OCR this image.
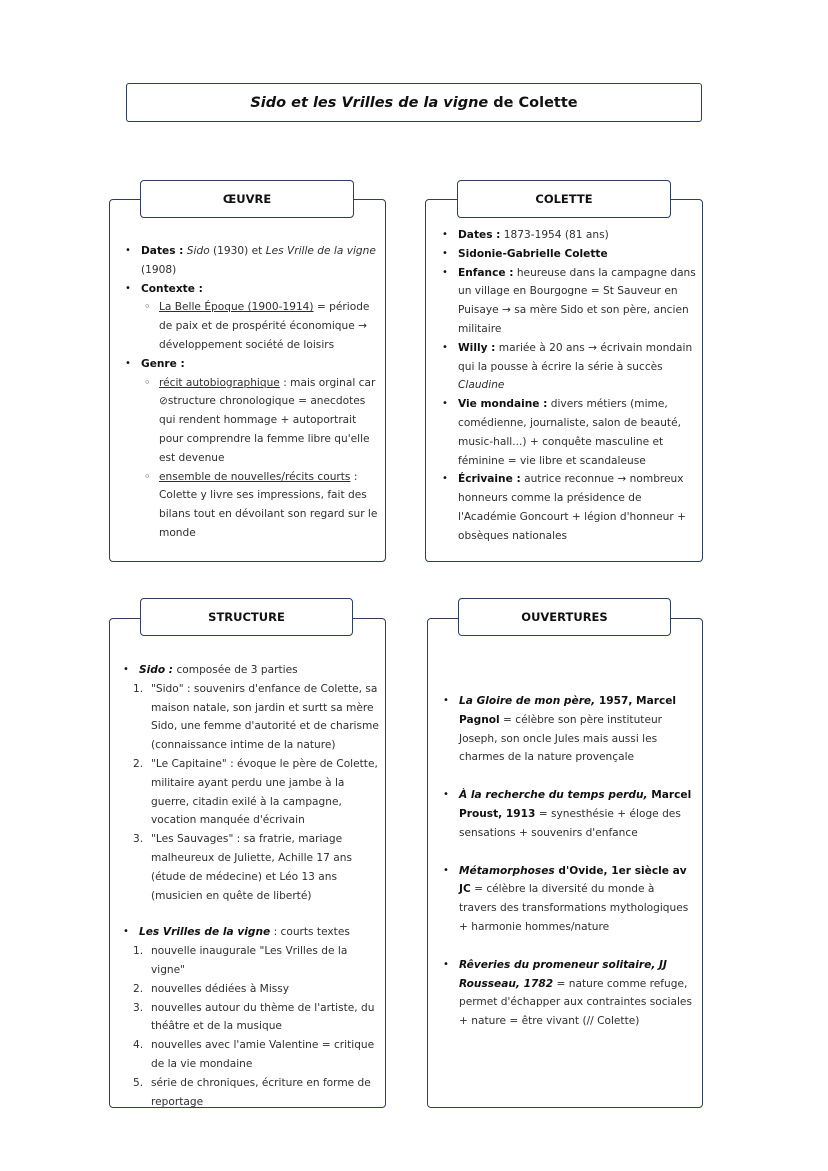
Sido et les Vrilles de la vigne de Colette
ŒUVRE
• Dates : Sido (1930) et Les Vrille de la vigne (1908)
• Contexte :
◦ La Belle Époque (1900-1914) = période de paix et de prospérité économique → développement société de loisirs
• Genre :
◦ récit autobiographique : mais orginal car ⊘structure chronologique = anecdotes qui rendent hommage + autoportrait pour comprendre la femme libre qu'elle est devenue
◦ ensemble de nouvelles/récits courts : Colette y livre ses impressions, fait des bilans tout en dévoilant son regard sur le monde
COLETTE
• Dates : 1873-1954 (81 ans)
• Sidonie-Gabrielle Colette
• Enfance : heureuse dans la campagne dans un village en Bourgogne = St Sauveur en Puisaye → sa mère Sido et son père, ancien militaire
• Willy : mariée à 20 ans → écrivain mondain qui la pousse à écrire la série à succès Claudine
• Vie mondaine : divers métiers (mime, comédienne, journaliste, salon de beauté, music-hall...) + conquête masculine et féminine = vie libre et scandaleuse
• Écrivaine : autrice reconnue → nombreux honneurs comme la présidence de l'Académie Goncourt + légion d'honneur + obsèques nationales
STRUCTURE
• Sido : composée de 3 parties
1. "Sido" : souvenirs d'enfance de Colette, sa maison natale, son jardin et surtt sa mère Sido, une femme d'autorité et de charisme (connaissance intime de la nature)
2. "Le Capitaine" : évoque le père de Colette, militaire ayant perdu une jambe à la guerre, citadin exilé à la campagne, vocation manquée d'écrivain
3. "Les Sauvages" : sa fratrie, mariage malheureux de Juliette, Achille 17 ans (étude de médecine) et Léo 13 ans (musicien en quête de liberté)
• Les Vrilles de la vigne : courts textes
1. nouvelle inaugurale "Les Vrilles de la vigne"
2. nouvelles dédiées à Missy
3. nouvelles autour du thème de l'artiste, du théâtre et de la musique
4. nouvelles avec l'amie Valentine = critique de la vie mondaine
5. série de chroniques, écriture en forme de reportage
OUVERTURES
• La Gloire de mon père, 1957, Marcel Pagnol = célèbre son père instituteur Joseph, son oncle Jules mais aussi les charmes de la nature provençale
• À la recherche du temps perdu, Marcel Proust, 1913 = synesthésie + éloge des sensations + souvenirs d'enfance
• Métamorphoses d'Ovide, 1er siècle av JC = célèbre la diversité du monde à travers des transformations mythologiques + harmonie hommes/nature
• Rêveries du promeneur solitaire, JJ Rousseau, 1782 = nature comme refuge, permet d'échapper aux contraintes sociales + nature = être vivant (// Colette)
